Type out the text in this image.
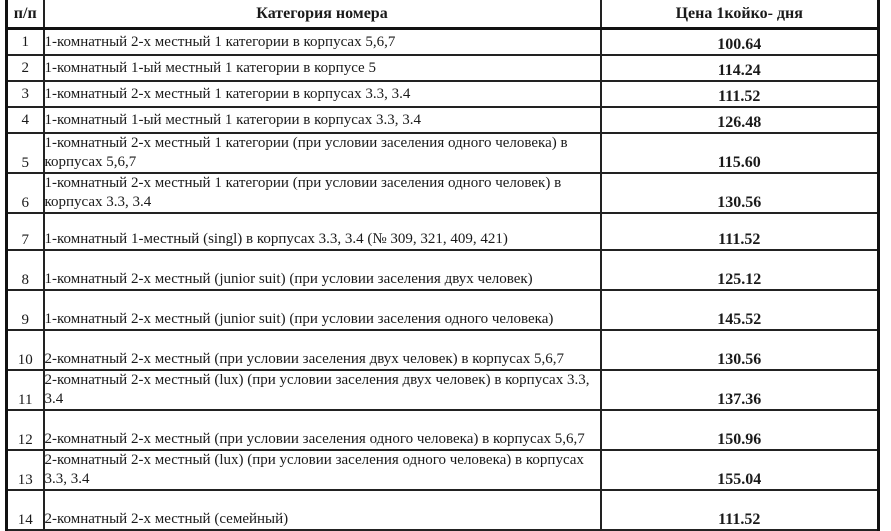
п/п	Категория номера	Цена 1койко- дня
1	1-комнатный 2-х местный 1 категории в корпусах 5,6,7	100.64
2	1-комнатный 1-ый местный 1 категории в корпусе 5	114.24
3	1-комнатный 2-х местный 1 категории в корпусах 3.3, 3.4	111.52
4	1-комнатный 1-ый местный 1 категории в корпусах 3.3, 3.4	126.48
5	1-комнатный 2-х местный 1 категории (при условии заселения одного человека) в корпусах 5,6,7	115.60
6	1-комнатный 2-х местный 1 категории (при условии заселения одного человек) в корпусах 3.3, 3.4	130.56
7	1-комнатный 1-местный (singl) в корпусах 3.3, 3.4 (№ 309, 321, 409, 421)	111.52
8	1-комнатный 2-х местный (junior suit) (при условии заселения двух человек)	125.12
9	1-комнатный 2-х местный (junior suit) (при условии заселения одного человека)	145.52
10	2-комнатный 2-х местный (при условии заселения двух человек) в корпусах 5,6,7	130.56
11	2-комнатный 2-х местный (lux) (при условии заселения двух человек) в корпусах 3.3, 3.4	137.36
12	2-комнатный 2-х местный (при условии заселения одного человека) в корпусах 5,6,7	150.96
13	2-комнатный 2-х местный (lux) (при условии заселения одного человека) в корпусах 3.3, 3.4	155.04
14	2-комнатный 2-х местный (семейный)	111.52
